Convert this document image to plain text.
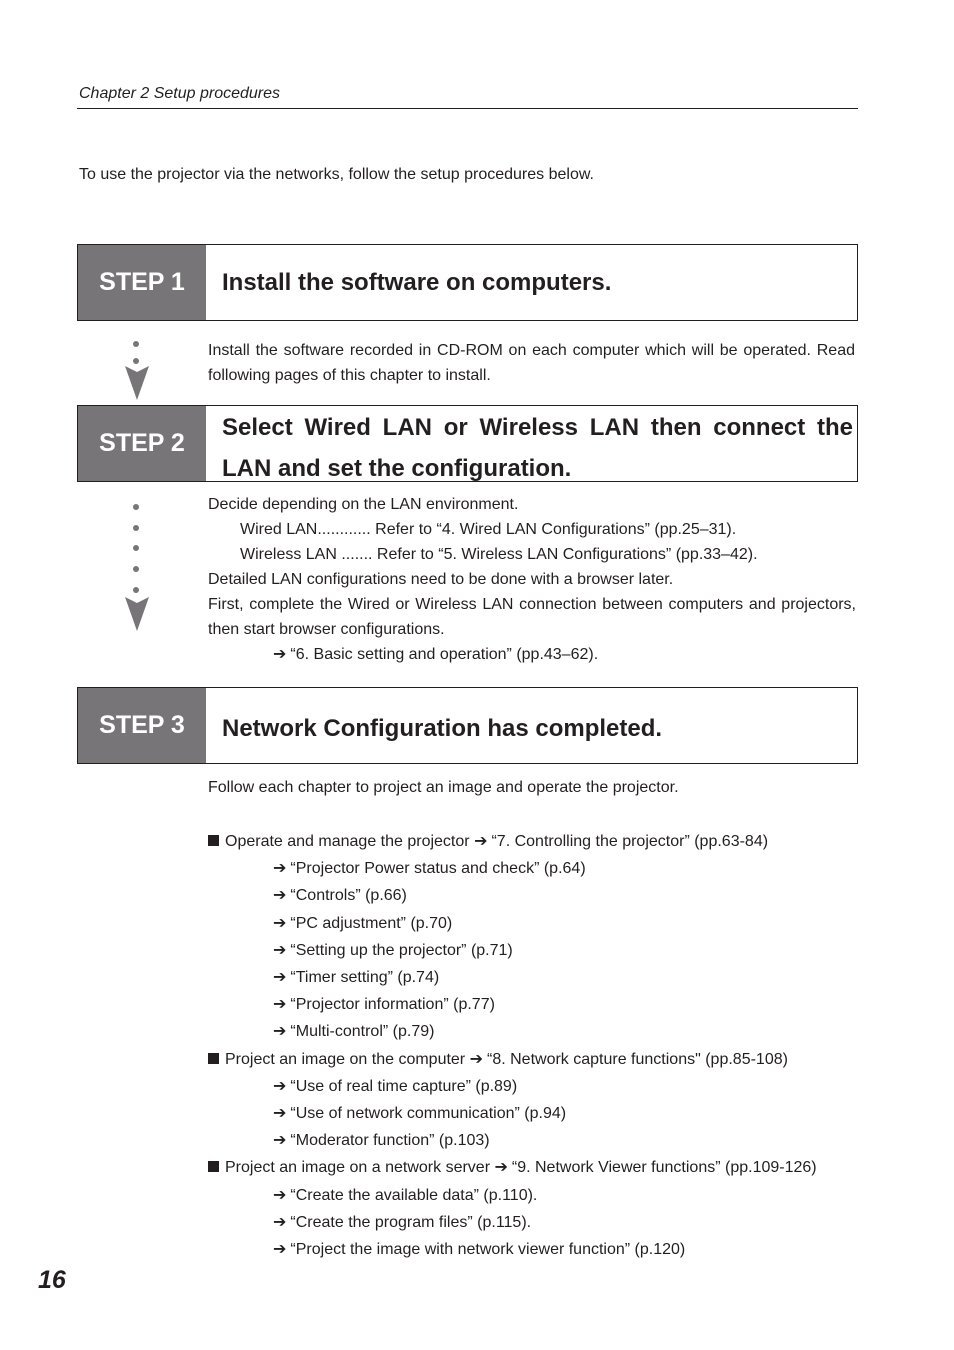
Chapter 2 Setup procedures
To use the projector via the networks, follow the setup procedures below.
STEP 1	Install the software on computers.
Install the software recorded in CD-ROM on each computer which will be operated. Read following pages of this chapter to install.
STEP 2
Select Wired LAN or Wireless LAN then connect the LAN and set the configuration.
Decide depending on the LAN environment.
Wired LAN............ Refer to “4. Wired LAN Configurations” (pp.25–31).
Wireless LAN ....... Refer to “5. Wireless LAN Configurations” (pp.33–42).
Detailed LAN configurations need to be done with a browser later.
First, complete the Wired or Wireless LAN connection between computers and projectors, then start browser configurations.
➔ “6. Basic setting and operation” (pp.43–62).
STEP 3	Network Configuration has completed.
Follow each chapter to project an image and operate the projector.
Operate and manage the projector ➔ “7. Controlling the projector” (pp.63-84)
➔ “Projector Power status and check” (p.64)
➔ “Controls” (p.66)
➔ “PC adjustment” (p.70)
➔ “Setting up the projector” (p.71)
➔ “Timer setting” (p.74)
➔ “Projector information” (p.77)
➔ “Multi-control” (p.79)
Project an image on the computer ➔ “8. Network capture functions" (pp.85-108)
➔ “Use of real time capture” (p.89)
➔ “Use of network communication” (p.94)
➔ “Moderator function” (p.103)
Project an image on a network server ➔ “9. Network Viewer functions” (pp.109-126)
➔ “Create the available data” (p.110).
➔ “Create the program files” (p.115).
➔ “Project the image with network viewer function” (p.120)
16
